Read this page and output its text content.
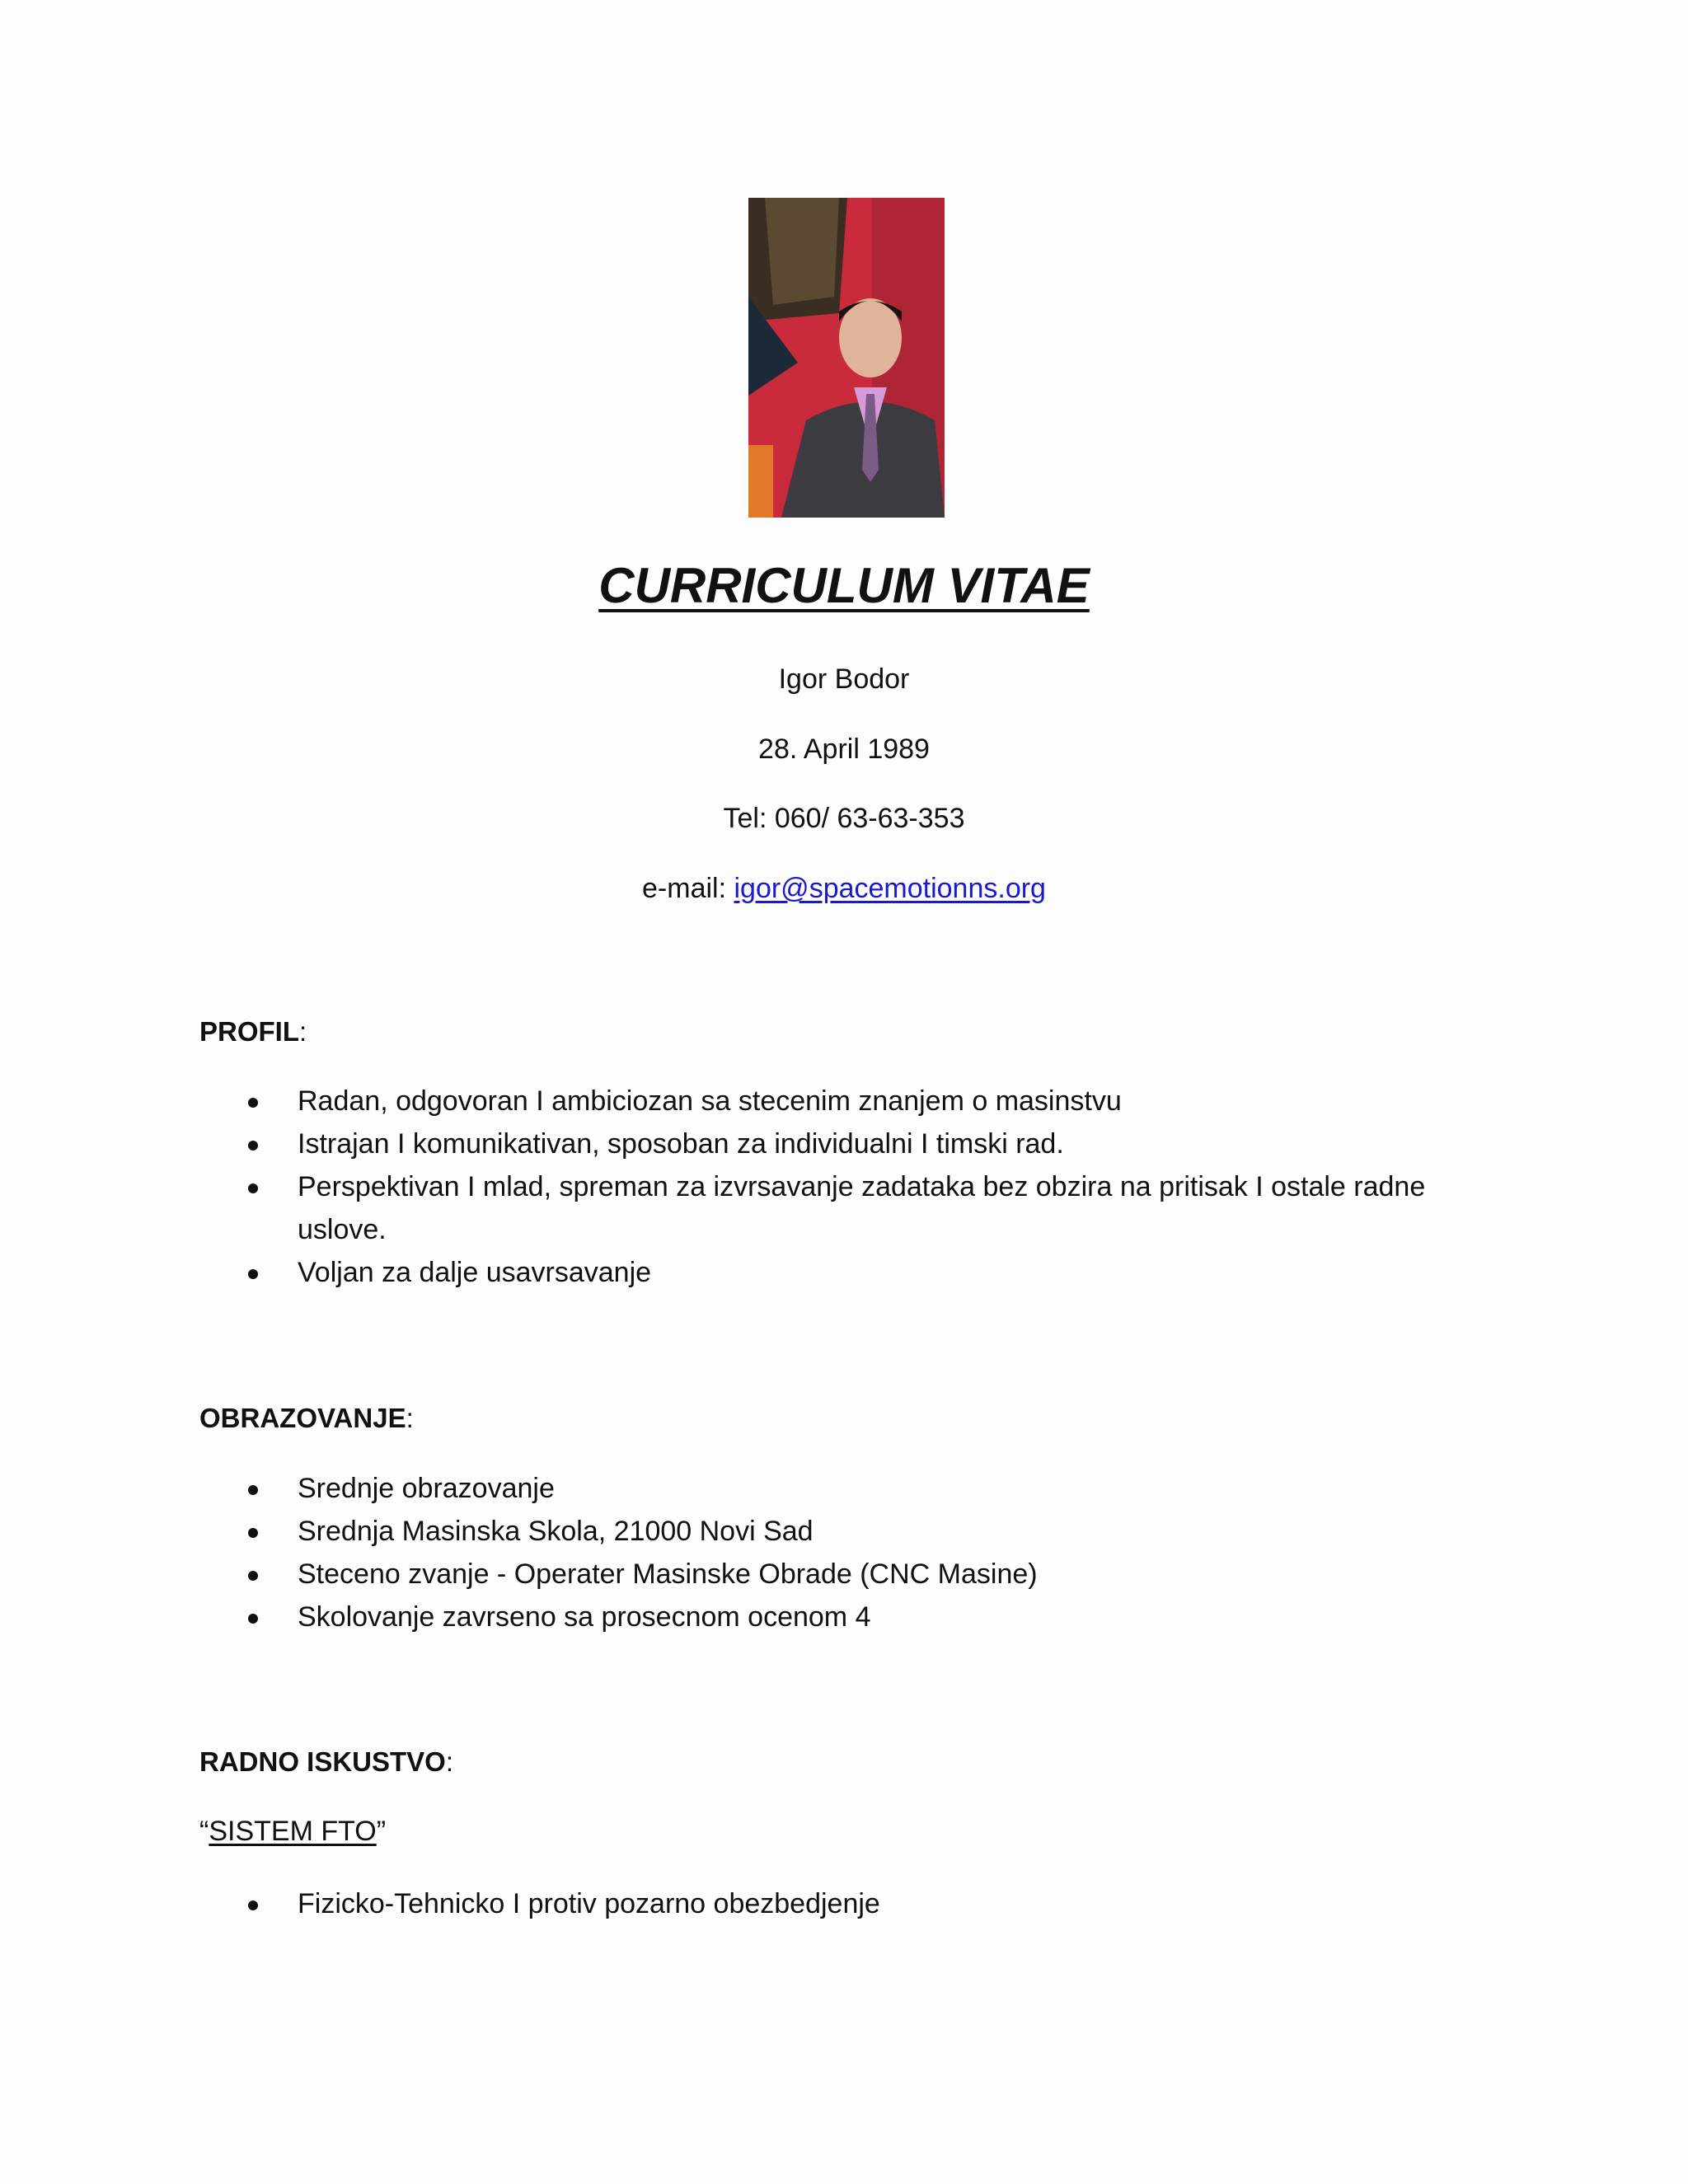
CURRICULUM VITAE
Igor Bodor
28. April 1989
Tel: 060/ 63-63-353
e-mail: igor@spacemotionns.org
PROFIL:
Radan, odgovoran I ambiciozan sa stecenim znanjem o masinstvu
Istrajan I komunikativan, sposoban za individualni I timski rad.
Perspektivan I mlad, spreman za izvrsavanje zadataka bez obzira na pritisak I ostale radne uslove.
Voljan za dalje usavrsavanje
OBRAZOVANJE:
Srednje obrazovanje
Srednja Masinska Skola, 21000 Novi Sad
Steceno zvanje - Operater Masinske Obrade (CNC Masine)
Skolovanje zavrseno sa prosecnom ocenom 4
RADNO ISKUSTVO:
“SISTEM FTO”
Fizicko-Tehnicko I protiv pozarno obezbedjenje
